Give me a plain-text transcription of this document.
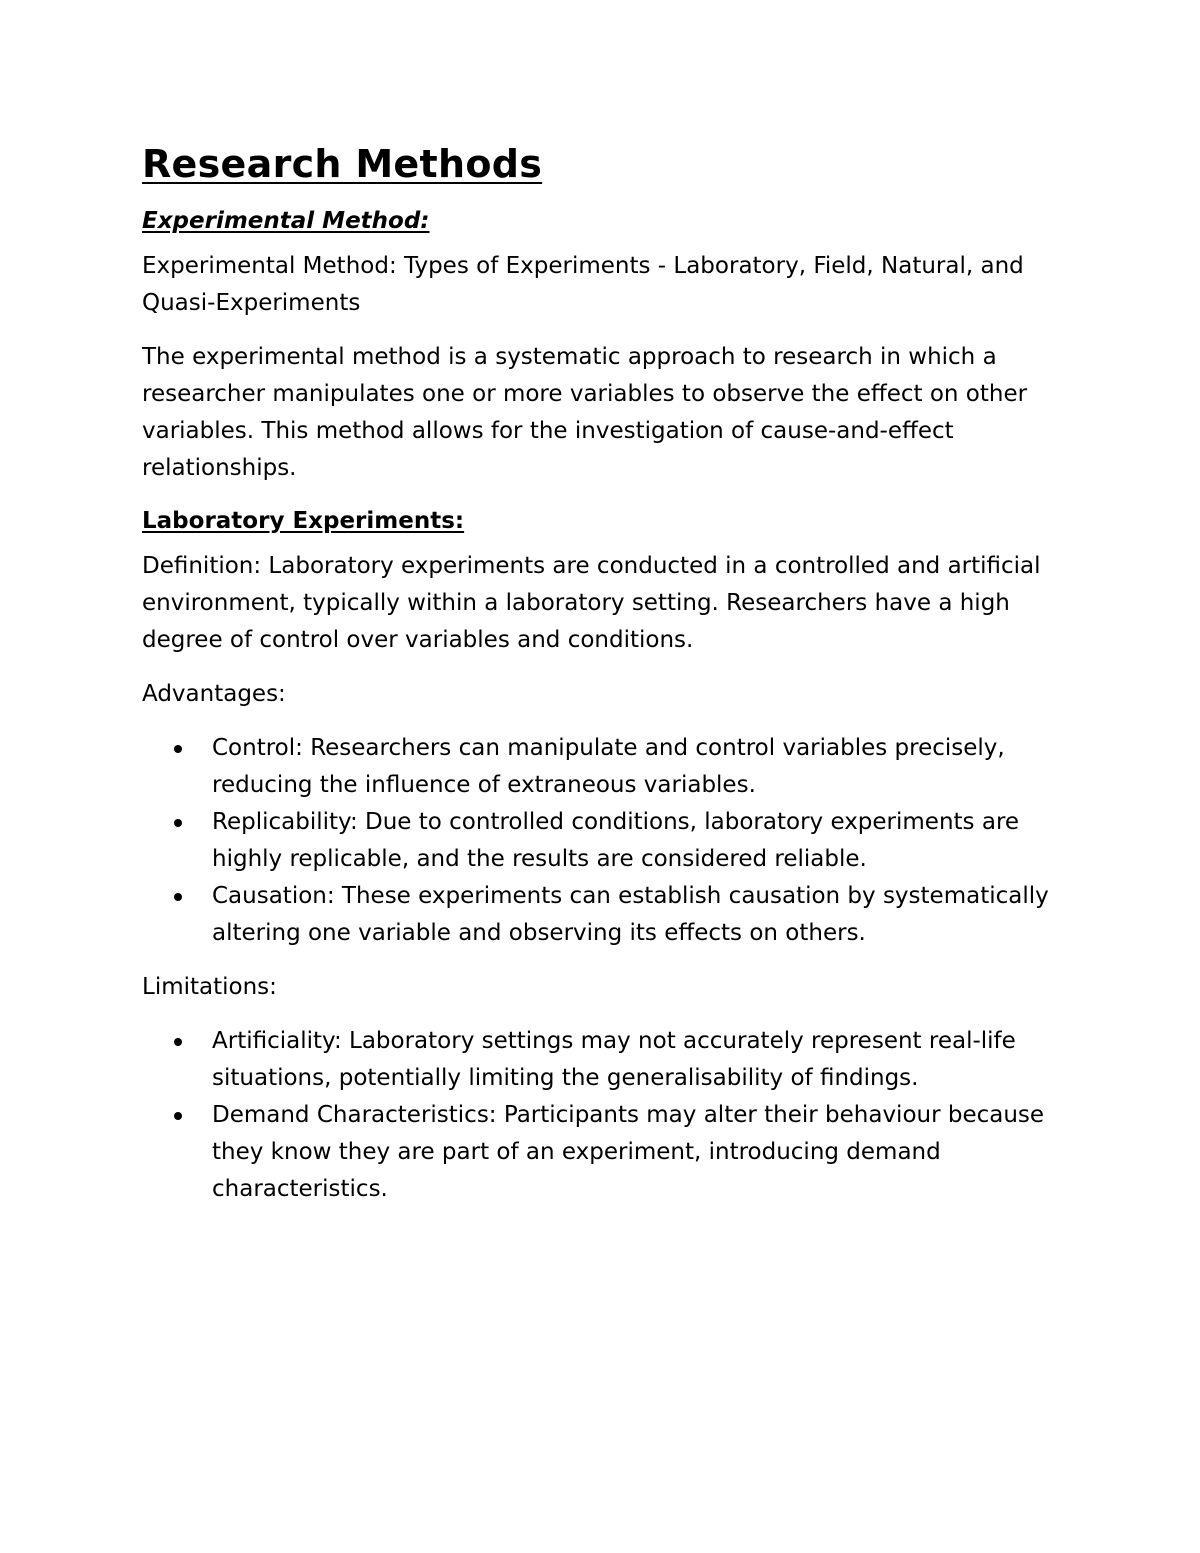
Research Methods
Experimental Method:

Experimental Method: Types of Experiments - Laboratory, Field, Natural, and Quasi-Experiments

The experimental method is a systematic approach to research in which a researcher manipulates one or more variables to observe the effect on other variables. This method allows for the investigation of cause-and-effect relationships.

Laboratory Experiments:

Definition: Laboratory experiments are conducted in a controlled and artificial environment, typically within a laboratory setting. Researchers have a high degree of control over variables and conditions.

Advantages:

Control: Researchers can manipulate and control variables precisely, reducing the influence of extraneous variables.
Replicability: Due to controlled conditions, laboratory experiments are highly replicable, and the results are considered reliable.
Causation: These experiments can establish causation by systematically altering one variable and observing its effects on others.

Limitations:

Artificiality: Laboratory settings may not accurately represent real-life situations, potentially limiting the generalisability of findings.
Demand Characteristics: Participants may alter their behaviour because they know they are part of an experiment, introducing demand characteristics.
